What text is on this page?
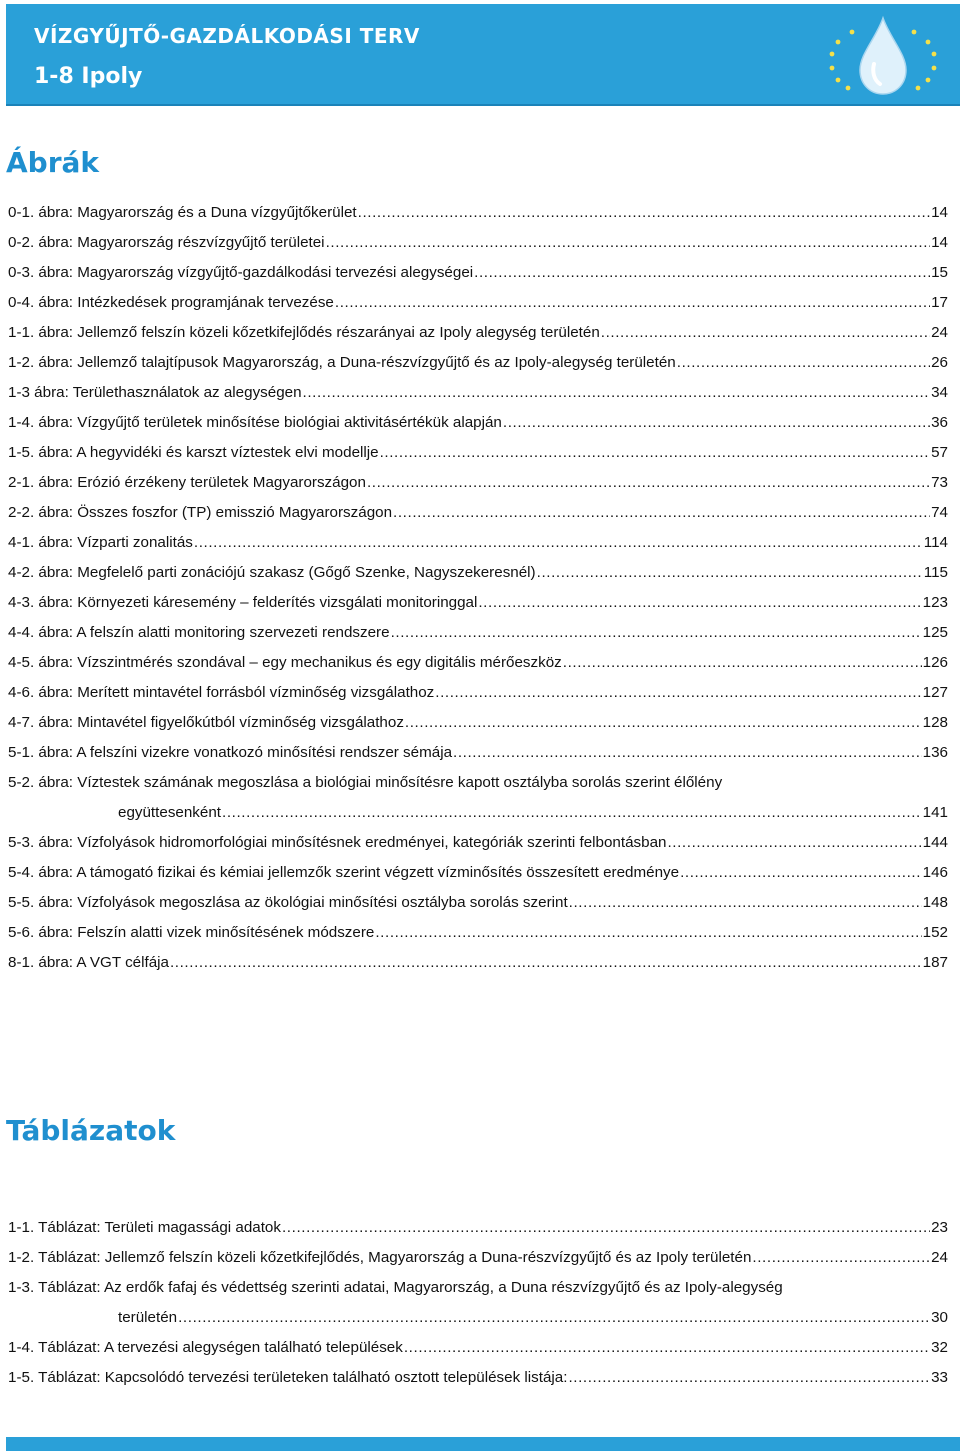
VÍZGYŰJTŐ-GAZDÁLKODÁSI TERV
1-8 Ipoly
Ábrák
0-1. ábra: Magyarország és a Duna vízgyűjtőkerület .....	14
0-2. ábra: Magyarország részvízgyűjtő területei .....	14
0-3. ábra: Magyarország vízgyűjtő-gazdálkodási tervezési alegységei .....	15
0-4. ábra: Intézkedések programjának tervezése .....	17
1-1. ábra: Jellemző felszín közeli kőzetkifejlődés részarányai az Ipoly alegység területén .....	24
1-2. ábra: Jellemző talajtípusok Magyarország, a Duna-részvízgyűjtő és az Ipoly-alegység területén .....	26
1-3 ábra: Területhasználatok az alegységen .....	34
1-4. ábra: Vízgyűjtő területek minősítése biológiai aktivitásértékük alapján .....	36
1-5. ábra: A hegyvidéki és karszt víztestek elvi modellje .....	57
2-1. ábra: Erózió érzékeny területek Magyarországon .....	73
2-2. ábra: Összes foszfor (TP) emisszió Magyarországon .....	74
4-1. ábra: Vízparti zonalitás .....	114
4-2. ábra: Megfelelő parti zonációjú szakasz (Gőgő Szenke, Nagyszekeresnél) .....	115
4-3. ábra: Környezeti káresemény – felderítés vizsgálati monitoringgal .....	123
4-4. ábra: A felszín alatti monitoring szervezeti rendszere .....	125
4-5. ábra: Vízszintmérés szondával – egy mechanikus és egy digitális mérőeszköz .....	126
4-6. ábra: Merített mintavétel forrásból vízminőség vizsgálathoz .....	127
4-7. ábra: Mintavétel figyelőkútból vízminőség vizsgálathoz .....	128
5-1. ábra: A felszíni vizekre vonatkozó minősítési rendszer sémája .....	136
5-2. ábra: Víztestek számának megoszlása a biológiai minősítésre kapott osztályba sorolás szerint élőlény
együttesenként .....	141
5-3. ábra: Vízfolyások hidromorfológiai minősítésnek eredményei, kategóriák szerinti felbontásban .....	144
5-4. ábra: A támogató fizikai és kémiai jellemzők szerint végzett vízminősítés összesített eredménye .....	146
5-5. ábra: Vízfolyások megoszlása az ökológiai minősítési osztályba sorolás szerint .....	148
5-6. ábra: Felszín alatti vizek minősítésének módszere .....	152
8-1. ábra: A VGT célfája .....	187
Táblázatok
1-1. Táblázat: Területi magassági adatok .....	23
1-2. Táblázat: Jellemző felszín közeli kőzetkifejlődés, Magyarország a Duna-részvízgyűjtő és az Ipoly területén .....	24
1-3. Táblázat: Az erdők fafaj és védettség szerinti adatai, Magyarország, a Duna részvízgyűjtő és az Ipoly-alegység
területén .....	30
1-4. Táblázat: A tervezési alegységen található települések .....	32
1-5. Táblázat: Kapcsolódó tervezési területeken található osztott települések listája: .....	33
